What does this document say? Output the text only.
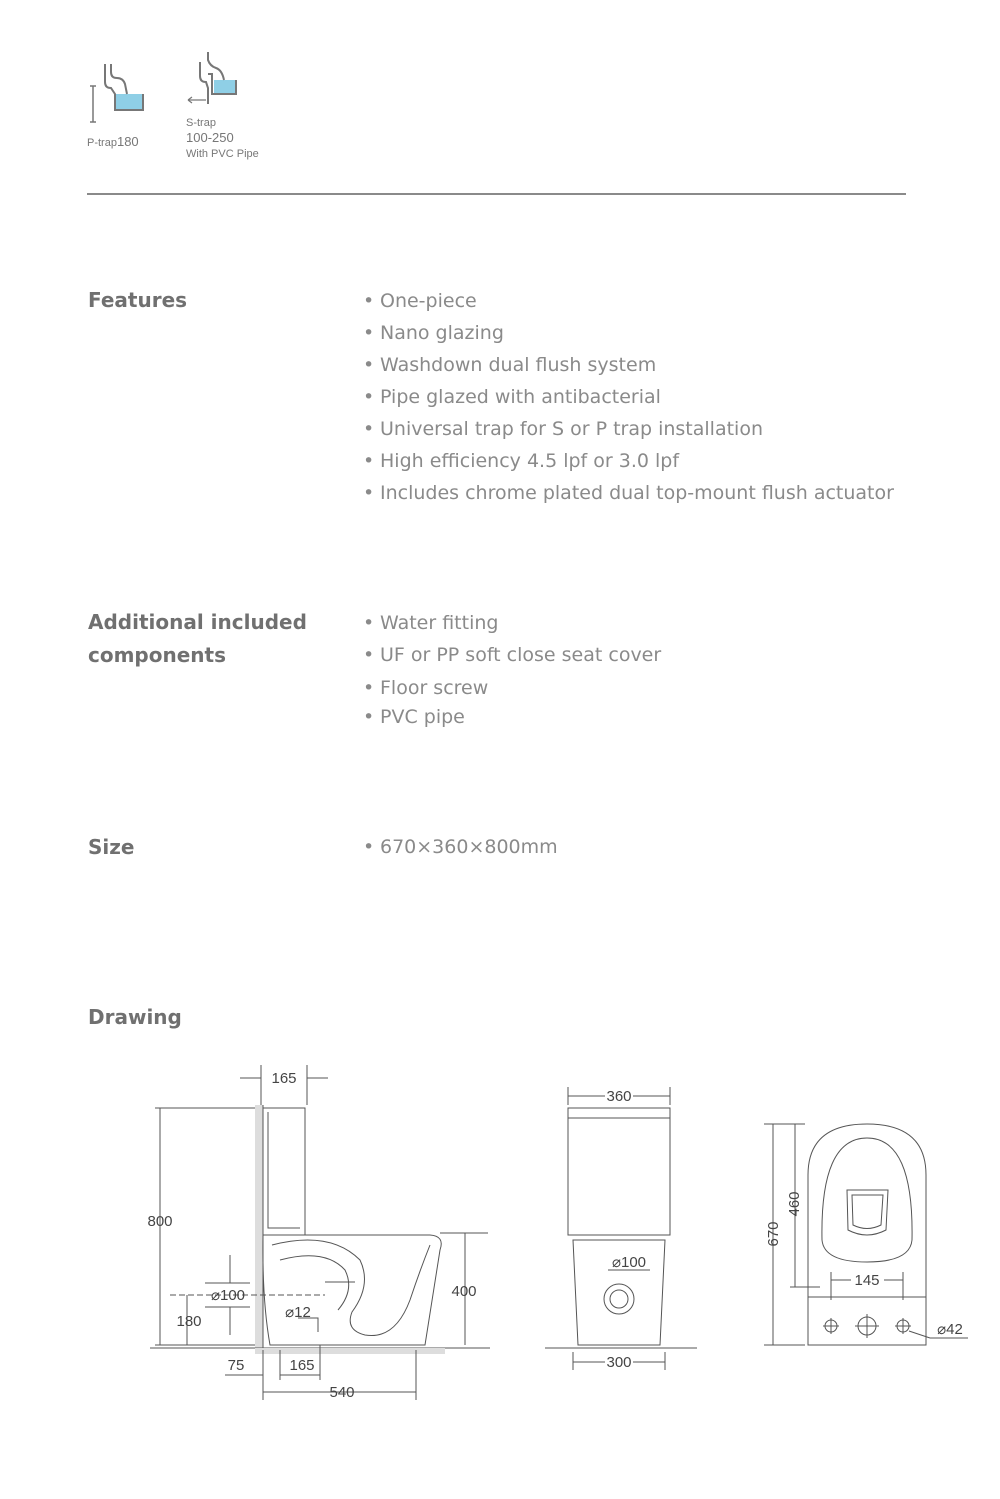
P-trap180
S-trap
100-250
With PVC Pipe
Features	• One-piece
• Nano glazing
• Washdown dual flush system
• Pipe glazed with antibacterial
• Universal trap for S or P trap installation
• High efficiency 4.5 lpf or 3.0 lpf
• Includes chrome plated dual top-mount flush actuator
Additional included
components
• Water fitting
• UF or PP soft close seat cover
• Floor screw
• PVC pipe
Size	• 670×360×800mm
Drawing
165
800
⌀100
180
⌀12
400
75	165
540
360
⌀100
300
670
460
145
⌀42
